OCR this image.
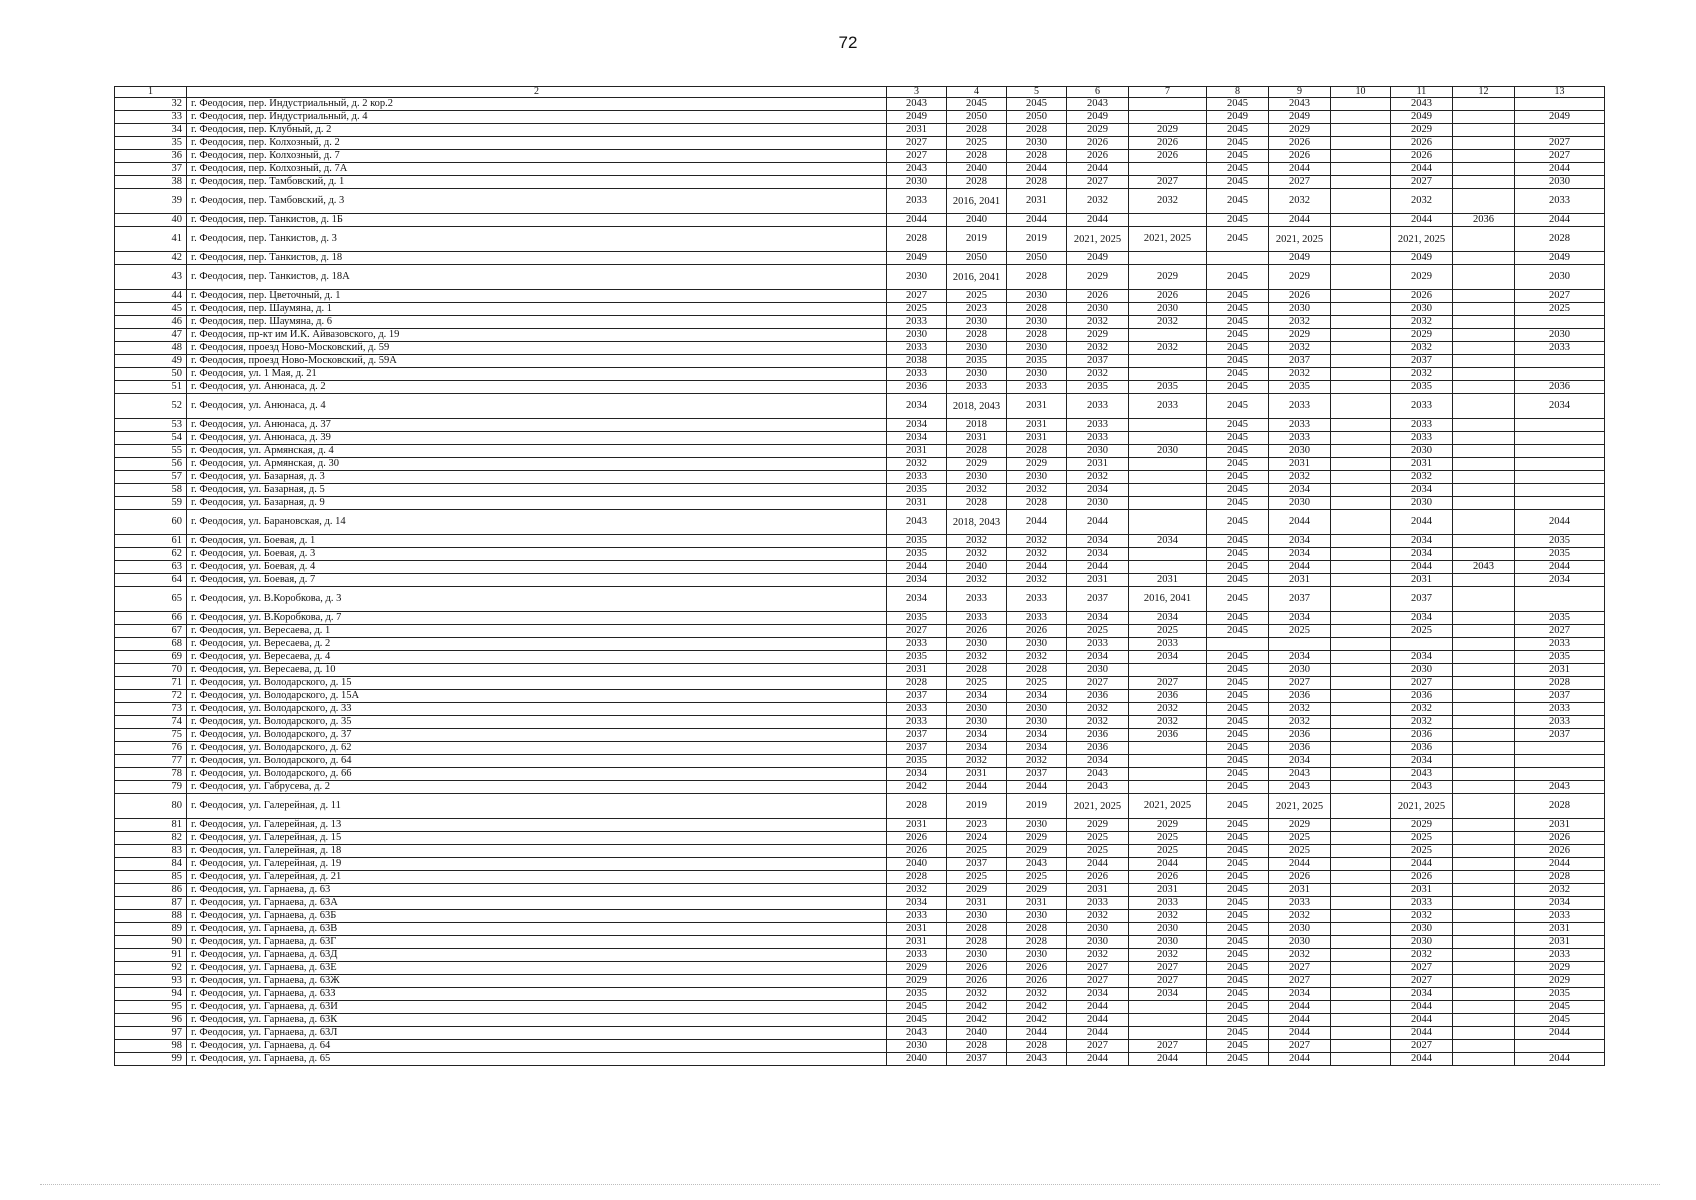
72
1	2	3	4	5	6	7	8	9	10	11	12	13
32	г. Феодосия, пер. Индустриальный, д. 2 кор.2	2043	2045	2045	2043		2045	2043		2043		
33	г. Феодосия, пер. Индустриальный, д. 4	2049	2050	2050	2049		2049	2049		2049		2049
34	г. Феодосия, пер. Клубный, д. 2	2031	2028	2028	2029	2029	2045	2029		2029		
35	г. Феодосия, пер. Колхозный, д. 2	2027	2025	2030	2026	2026	2045	2026		2026		2027
36	г. Феодосия, пер. Колхозный, д. 7	2027	2028	2028	2026	2026	2045	2026		2026		2027
37	г. Феодосия, пер. Колхозный, д. 7А	2043	2040	2044	2044		2045	2044		2044		2044
38	г. Феодосия, пер. Тамбовский, д. 1	2030	2028	2028	2027	2027	2045	2027		2027		2030
39	г. Феодосия, пер. Тамбовский, д. 3	2033	2016, 2041	2031	2032	2032	2045	2032		2032		2033
40	г. Феодосия, пер. Танкистов, д. 1Б	2044	2040	2044	2044		2045	2044		2044	2036	2044
41	г. Феодосия, пер. Танкистов, д. 3	2028	2019	2019	2021, 2025	2021, 2025	2045	2021, 2025		2021, 2025		2028
42	г. Феодосия, пер. Танкистов, д. 18	2049	2050	2050	2049			2049		2049		2049
43	г. Феодосия, пер. Танкистов, д. 18А	2030	2016, 2041	2028	2029	2029	2045	2029		2029		2030
44	г. Феодосия, пер. Цветочный, д. 1	2027	2025	2030	2026	2026	2045	2026		2026		2027
45	г. Феодосия, пер. Шаумяна, д. 1	2025	2023	2028	2030	2030	2045	2030		2030		2025
46	г. Феодосия, пер. Шаумяна, д. 6	2033	2030	2030	2032	2032	2045	2032		2032		
47	г. Феодосия, пр-кт им И.К. Айвазовского, д. 19	2030	2028	2028	2029		2045	2029		2029		2030
48	г. Феодосия, проезд Ново-Московский, д. 59	2033	2030	2030	2032	2032	2045	2032		2032		2033
49	г. Феодосия, проезд Ново-Московский, д. 59А	2038	2035	2035	2037		2045	2037		2037		
50	г. Феодосия, ул. 1 Мая, д. 21	2033	2030	2030	2032		2045	2032		2032		
51	г. Феодосия, ул. Анюнаса, д. 2	2036	2033	2033	2035	2035	2045	2035		2035		2036
52	г. Феодосия, ул. Анюнаса, д. 4	2034	2018, 2043	2031	2033	2033	2045	2033		2033		2034
53	г. Феодосия, ул. Анюнаса, д. 37	2034	2018	2031	2033		2045	2033		2033		
54	г. Феодосия, ул. Анюнаса, д. 39	2034	2031	2031	2033		2045	2033		2033		
55	г. Феодосия, ул. Армянская, д. 4	2031	2028	2028	2030	2030	2045	2030		2030		
56	г. Феодосия, ул. Армянская, д. 30	2032	2029	2029	2031		2045	2031		2031		
57	г. Феодосия, ул. Базарная, д. 3	2033	2030	2030	2032		2045	2032		2032		
58	г. Феодосия, ул. Базарная, д. 5	2035	2032	2032	2034		2045	2034		2034		
59	г. Феодосия, ул. Базарная, д. 9	2031	2028	2028	2030		2045	2030		2030		
60	г. Феодосия, ул. Барановская, д. 14	2043	2018, 2043	2044	2044		2045	2044		2044		2044
61	г. Феодосия, ул. Боевая, д. 1	2035	2032	2032	2034	2034	2045	2034		2034		2035
62	г. Феодосия, ул. Боевая, д. 3	2035	2032	2032	2034		2045	2034		2034		2035
63	г. Феодосия, ул. Боевая, д. 4	2044	2040	2044	2044		2045	2044		2044	2043	2044
64	г. Феодосия, ул. Боевая, д. 7	2034	2032	2032	2031	2031	2045	2031		2031		2034
65	г. Феодосия, ул. В.Коробкова, д. 3	2034	2033	2033	2037	2016, 2041	2045	2037		2037		
66	г. Феодосия, ул. В.Коробкова, д. 7	2035	2033	2033	2034	2034	2045	2034		2034		2035
67	г. Феодосия, ул. Вересаева, д. 1	2027	2026	2026	2025	2025	2045	2025		2025		2027
68	г. Феодосия, ул. Вересаева, д. 2	2033	2030	2030	2033	2033						2033
69	г. Феодосия, ул. Вересаева, д. 4	2035	2032	2032	2034	2034	2045	2034		2034		2035
70	г. Феодосия, ул. Вересаева, д. 10	2031	2028	2028	2030		2045	2030		2030		2031
71	г. Феодосия, ул. Володарского, д. 15	2028	2025	2025	2027	2027	2045	2027		2027		2028
72	г. Феодосия, ул. Володарского, д. 15А	2037	2034	2034	2036	2036	2045	2036		2036		2037
73	г. Феодосия, ул. Володарского, д. 33	2033	2030	2030	2032	2032	2045	2032		2032		2033
74	г. Феодосия, ул. Володарского, д. 35	2033	2030	2030	2032	2032	2045	2032		2032		2033
75	г. Феодосия, ул. Володарского, д. 37	2037	2034	2034	2036	2036	2045	2036		2036		2037
76	г. Феодосия, ул. Володарского, д. 62	2037	2034	2034	2036		2045	2036		2036		
77	г. Феодосия, ул. Володарского, д. 64	2035	2032	2032	2034		2045	2034		2034		
78	г. Феодосия, ул. Володарского, д. 66	2034	2031	2037	2043		2045	2043		2043		
79	г. Феодосия, ул. Габрусева, д. 2	2042	2044	2044	2043		2045	2043		2043		2043
80	г. Феодосия, ул. Галерейная, д. 11	2028	2019	2019	2021, 2025	2021, 2025	2045	2021, 2025		2021, 2025		2028
81	г. Феодосия, ул. Галерейная, д. 13	2031	2023	2030	2029	2029	2045	2029		2029		2031
82	г. Феодосия, ул. Галерейная, д. 15	2026	2024	2029	2025	2025	2045	2025		2025		2026
83	г. Феодосия, ул. Галерейная, д. 18	2026	2025	2029	2025	2025	2045	2025		2025		2026
84	г. Феодосия, ул. Галерейная, д. 19	2040	2037	2043	2044	2044	2045	2044		2044		2044
85	г. Феодосия, ул. Галерейная, д. 21	2028	2025	2025	2026	2026	2045	2026		2026		2028
86	г. Феодосия, ул. Гарнаева, д. 63	2032	2029	2029	2031	2031	2045	2031		2031		2032
87	г. Феодосия, ул. Гарнаева, д. 63А	2034	2031	2031	2033	2033	2045	2033		2033		2034
88	г. Феодосия, ул. Гарнаева, д. 63Б	2033	2030	2030	2032	2032	2045	2032		2032		2033
89	г. Феодосия, ул. Гарнаева, д. 63В	2031	2028	2028	2030	2030	2045	2030		2030		2031
90	г. Феодосия, ул. Гарнаева, д. 63Г	2031	2028	2028	2030	2030	2045	2030		2030		2031
91	г. Феодосия, ул. Гарнаева, д. 63Д	2033	2030	2030	2032	2032	2045	2032		2032		2033
92	г. Феодосия, ул. Гарнаева, д. 63Е	2029	2026	2026	2027	2027	2045	2027		2027		2029
93	г. Феодосия, ул. Гарнаева, д. 63Ж	2029	2026	2026	2027	2027	2045	2027		2027		2029
94	г. Феодосия, ул. Гарнаева, д. 63З	2035	2032	2032	2034	2034	2045	2034		2034		2035
95	г. Феодосия, ул. Гарнаева, д. 63И	2045	2042	2042	2044		2045	2044		2044		2045
96	г. Феодосия, ул. Гарнаева, д. 63К	2045	2042	2042	2044		2045	2044		2044		2045
97	г. Феодосия, ул. Гарнаева, д. 63Л	2043	2040	2044	2044		2045	2044		2044		2044
98	г. Феодосия, ул. Гарнаева, д. 64	2030	2028	2028	2027	2027	2045	2027		2027		
99	г. Феодосия, ул. Гарнаева, д. 65	2040	2037	2043	2044	2044	2045	2044		2044		2044
